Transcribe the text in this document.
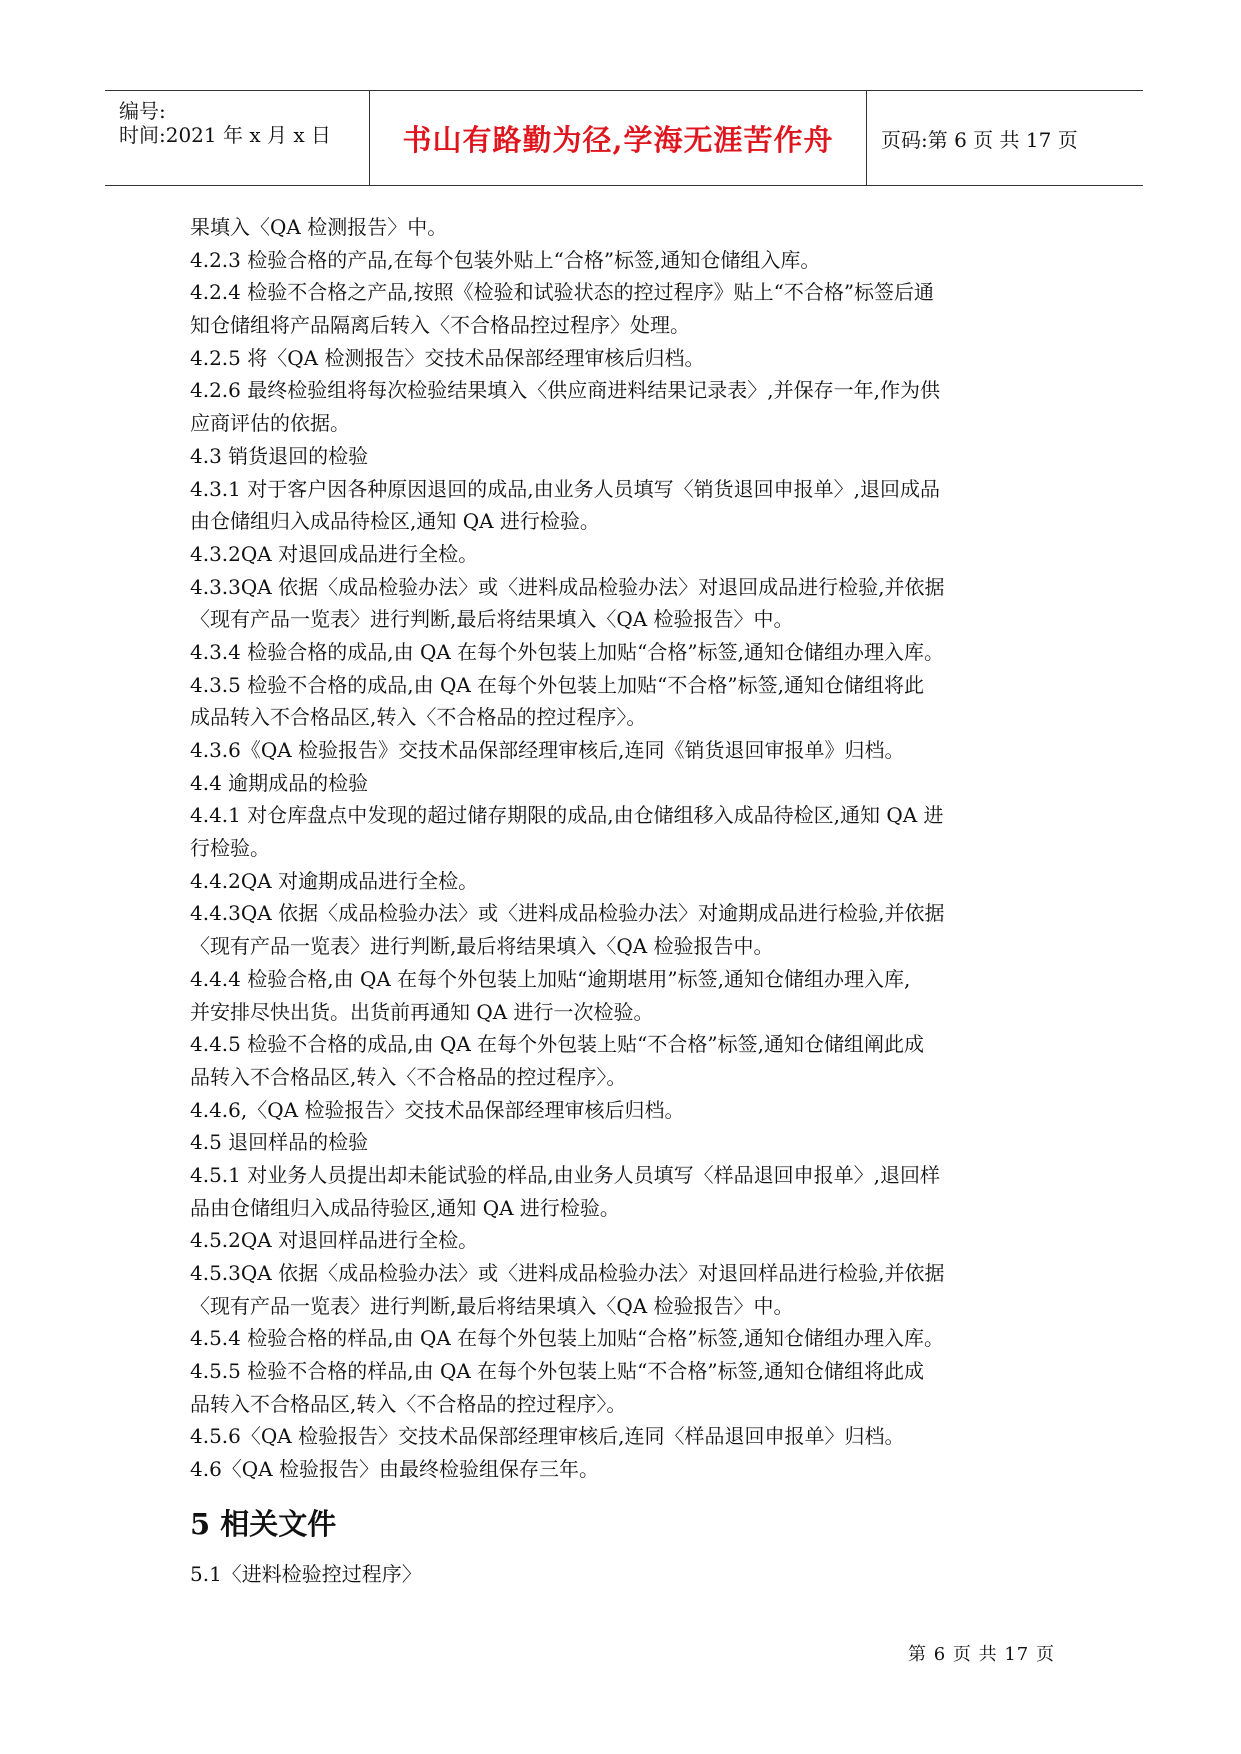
编号:
时间:2021 年 x 月 x 日 书山有路勤为径,学海无涯苦作舟 页码:第 6 页 共 17 页
果填入〈QA 检测报告〉中。
4.2.3 检验合格的产品,在每个包装外贴上“合格”标签,通知仓储组入库。
4.2.4 检验不合格之产品,按照《检验和试验状态的控过程序》贴上“不合格”标签后通
知仓储组将产品隔离后转入〈不合格品控过程序〉处理。
4.2.5 将〈QA 检测报告〉交技术品保部经理审核后归档。
4.2.6 最终检验组将每次检验结果填入〈供应商进料结果记录表〉,并保存一年,作为供
应商评估的依据。
4.3 销货退回的检验
4.3.1 对于客户因各种原因退回的成品,由业务人员填写〈销货退回申报单〉,退回成品
由仓储组归入成品待检区,通知 QA 进行检验。
4.3.2QA 对退回成品进行全检。
4.3.3QA 依据〈成品检验办法〉或〈进料成品检验办法〉对退回成品进行检验,并依据
〈现有产品一览表〉进行判断,最后将结果填入〈QA 检验报告〉中。
4.3.4 检验合格的成品,由 QA 在每个外包装上加贴“合格”标签,通知仓储组办理入库。
4.3.5 检验不合格的成品,由 QA 在每个外包装上加贴“不合格”标签,通知仓储组将此
成品转入不合格品区,转入〈不合格品的控过程序〉。
4.3.6《QA 检验报告》交技术品保部经理审核后,连同《销货退回审报单》归档。
4.4 逾期成品的检验
4.4.1 对仓库盘点中发现的超过储存期限的成品,由仓储组移入成品待检区,通知 QA 进
行检验。
4.4.2QA 对逾期成品进行全检。
4.4.3QA 依据〈成品检验办法〉或〈进料成品检验办法〉对逾期成品进行检验,并依据
〈现有产品一览表〉进行判断,最后将结果填入〈QA 检验报告中。
4.4.4 检验合格,由 QA 在每个外包装上加贴“逾期堪用”标签,通知仓储组办理入库,
并安排尽快出货。出货前再通知 QA 进行一次检验。
4.4.5 检验不合格的成品,由 QA 在每个外包装上贴“不合格”标签,通知仓储组阐此成
品转入不合格品区,转入〈不合格品的控过程序〉。
4.4.6,〈QA 检验报告〉交技术品保部经理审核后归档。
4.5 退回样品的检验
4.5.1 对业务人员提出却未能试验的样品,由业务人员填写〈样品退回申报单〉,退回样
品由仓储组归入成品待验区,通知 QA 进行检验。
4.5.2QA 对退回样品进行全检。
4.5.3QA 依据〈成品检验办法〉或〈进料成品检验办法〉对退回样品进行检验,并依据
〈现有产品一览表〉进行判断,最后将结果填入〈QA 检验报告〉中。
4.5.4 检验合格的样品,由 QA 在每个外包装上加贴“合格”标签,通知仓储组办理入库。
4.5.5 检验不合格的样品,由 QA 在每个外包装上贴“不合格”标签,通知仓储组将此成
品转入不合格品区,转入〈不合格品的控过程序〉。
4.5.6〈QA 检验报告〉交技术品保部经理审核后,连同〈样品退回申报单〉归档。
4.6〈QA 检验报告〉由最终检验组保存三年。
5 相关文件
5.1〈进料检验控过程序〉
第 6 页 共 17 页
